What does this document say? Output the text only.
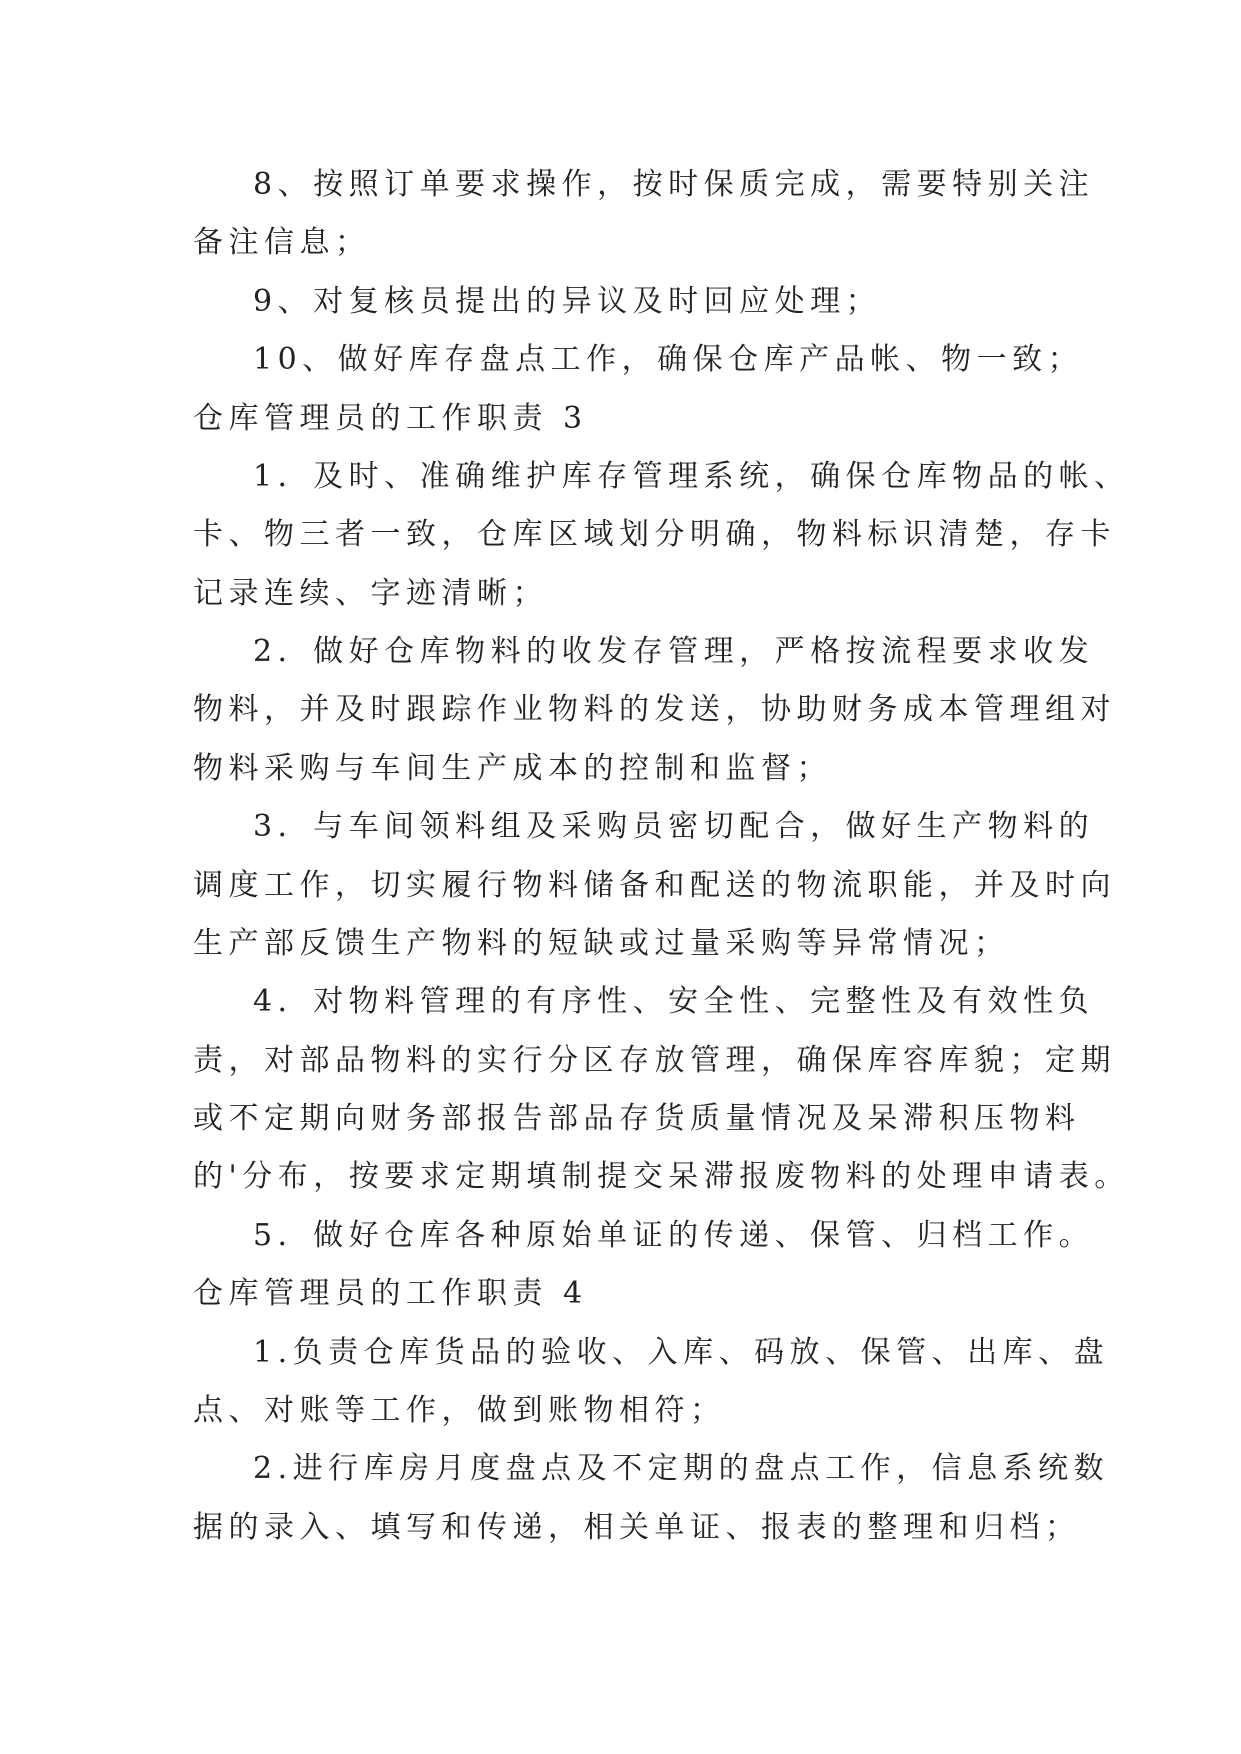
8、按照订单要求操作，按时保质完成，需要特别关注
备注信息；
9、对复核员提出的异议及时回应处理；
10、做好库存盘点工作，确保仓库产品帐、物一致；
仓库管理员的工作职责 3
1．及时、准确维护库存管理系统，确保仓库物品的帐、
卡、物三者一致，仓库区域划分明确，物料标识清楚，存卡
记录连续、字迹清晰；
2．做好仓库物料的收发存管理，严格按流程要求收发
物料，并及时跟踪作业物料的发送，协助财务成本管理组对
物料采购与车间生产成本的控制和监督；
3．与车间领料组及采购员密切配合，做好生产物料的
调度工作，切实履行物料储备和配送的物流职能，并及时向
生产部反馈生产物料的短缺或过量采购等异常情况；
4．对物料管理的有序性、安全性、完整性及有效性负
责，对部品物料的实行分区存放管理，确保库容库貌；定期
或不定期向财务部报告部品存货质量情况及呆滞积压物料
的'分布，按要求定期填制提交呆滞报废物料的处理申请表。
5．做好仓库各种原始单证的传递、保管、归档工作。
仓库管理员的工作职责 4
1.负责仓库货品的验收、入库、码放、保管、出库、盘
点、对账等工作，做到账物相符；
2.进行库房月度盘点及不定期的盘点工作，信息系统数
据的录入、填写和传递，相关单证、报表的整理和归档；
